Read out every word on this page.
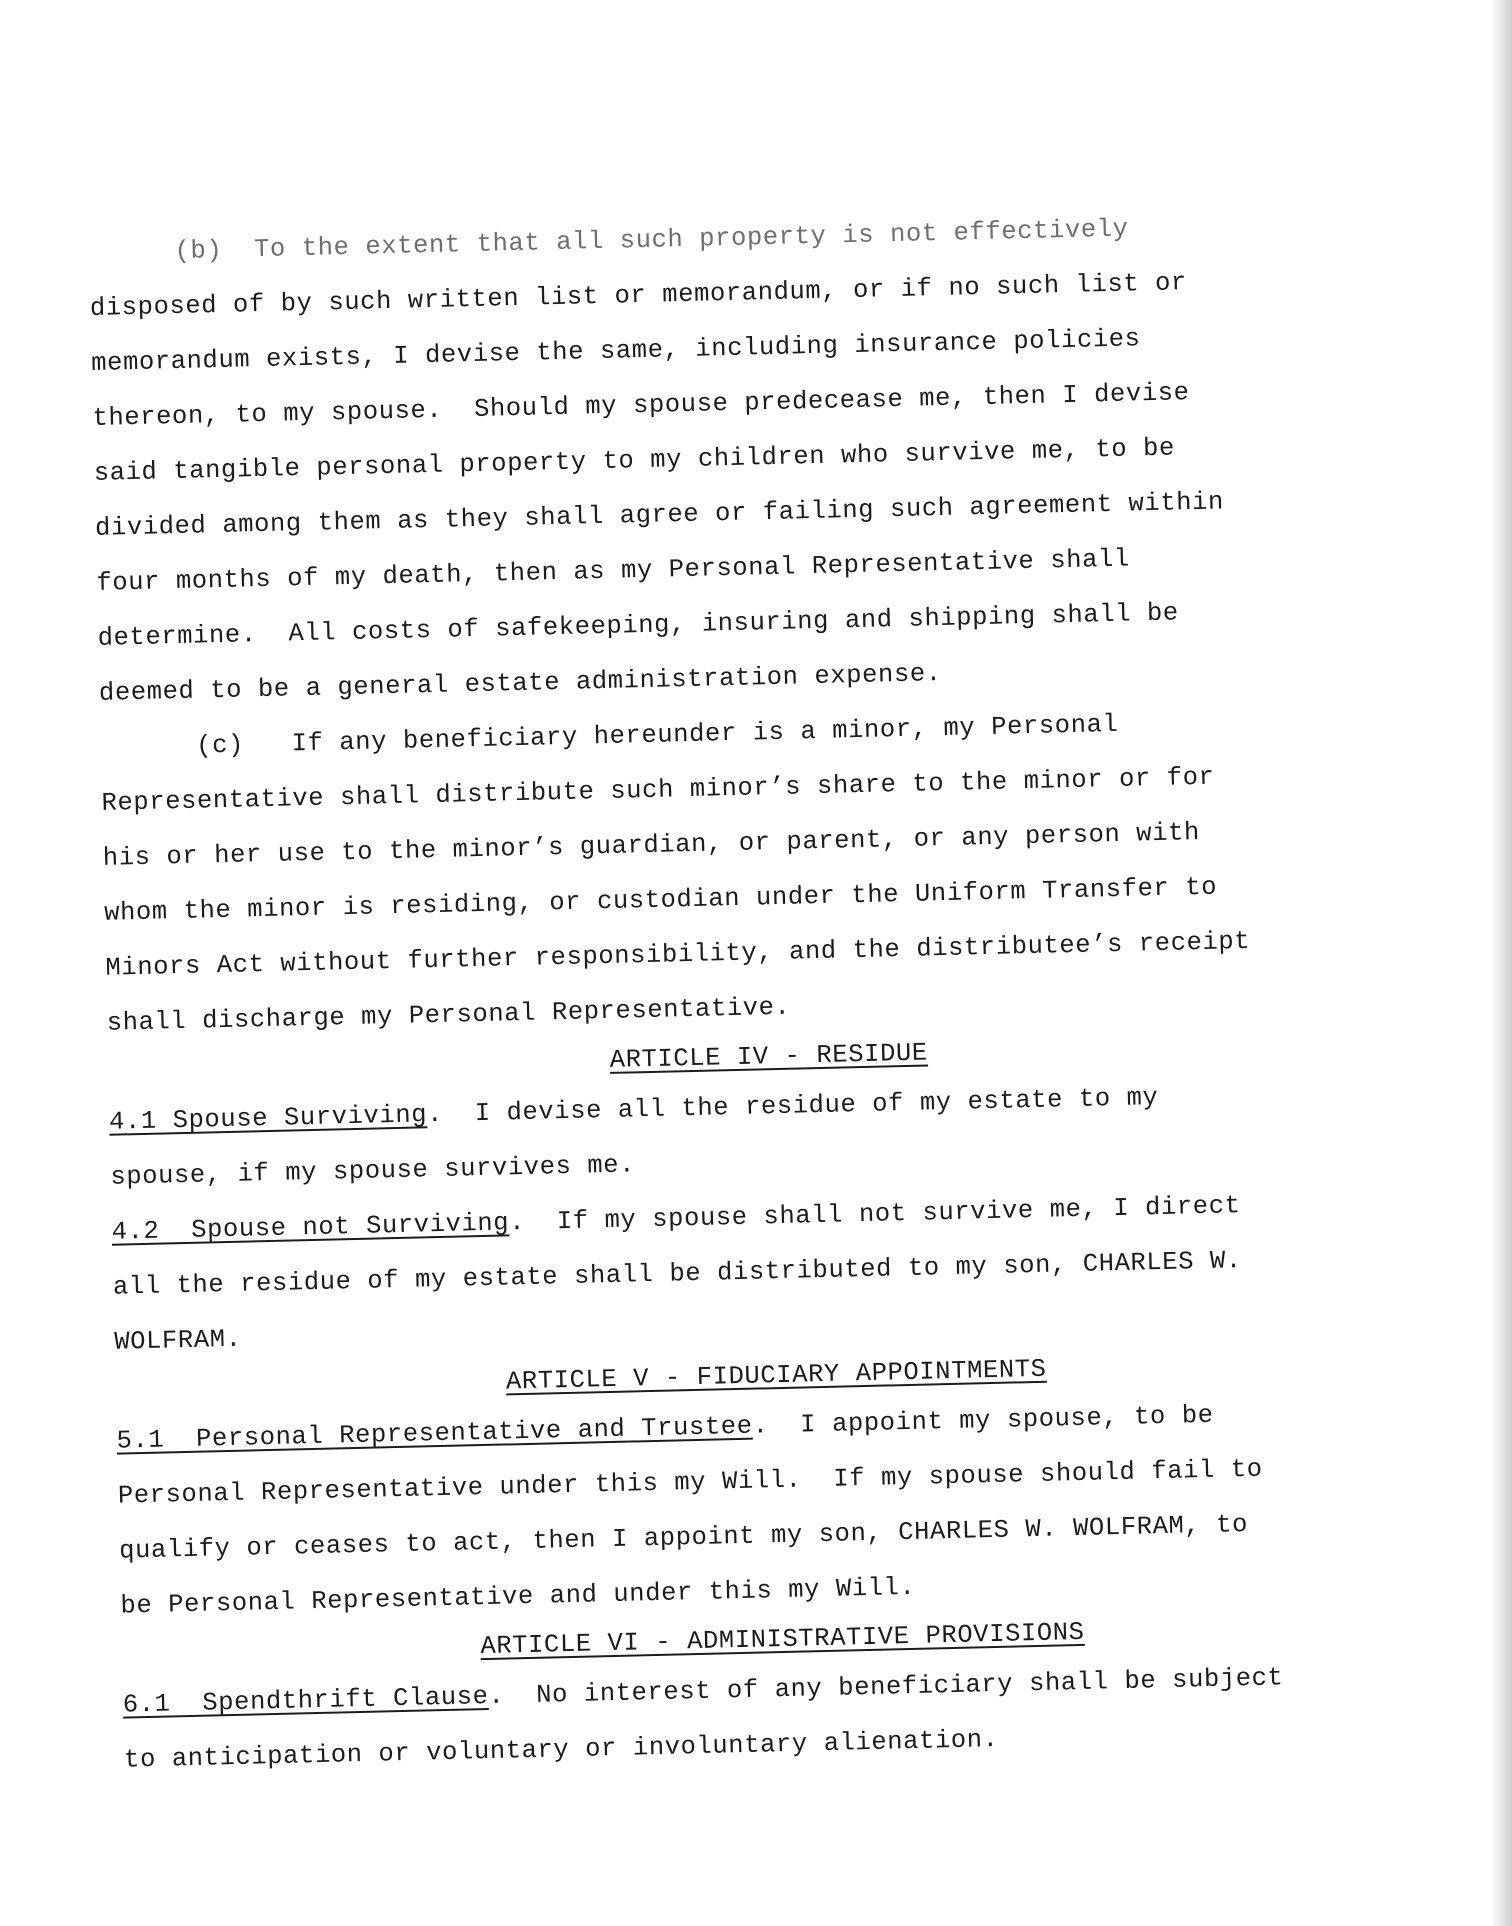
(b)  To the extent that all such property is not effectively
disposed of by such written list or memorandum, or if no such list or
memorandum exists, I devise the same, including insurance policies
thereon, to my spouse.  Should my spouse predecease me, then I devise
said tangible personal property to my children who survive me, to be
divided among them as they shall agree or failing such agreement within
four months of my death, then as my Personal Representative shall
determine.  All costs of safekeeping, insuring and shipping shall be
deemed to be a general estate administration expense.
(c)   If any beneficiary hereunder is a minor, my Personal
Representative shall distribute such minor’s share to the minor or for
his or her use to the minor’s guardian, or parent, or any person with
whom the minor is residing, or custodian under the Uniform Transfer to
Minors Act without further responsibility, and the distributee’s receipt
shall discharge my Personal Representative.
ARTICLE IV - RESIDUE
4.1 Spouse Surviving.  I devise all the residue of my estate to my
spouse, if my spouse survives me.
4.2  Spouse not Surviving.  If my spouse shall not survive me, I direct
all the residue of my estate shall be distributed to my son, CHARLES W.
WOLFRAM.
ARTICLE V - FIDUCIARY APPOINTMENTS
5.1  Personal Representative and Trustee.  I appoint my spouse, to be
Personal Representative under this my Will.  If my spouse should fail to
qualify or ceases to act, then I appoint my son, CHARLES W. WOLFRAM, to
be Personal Representative and under this my Will.
ARTICLE VI - ADMINISTRATIVE PROVISIONS
6.1  Spendthrift Clause.  No interest of any beneficiary shall be subject
to anticipation or voluntary or involuntary alienation.
